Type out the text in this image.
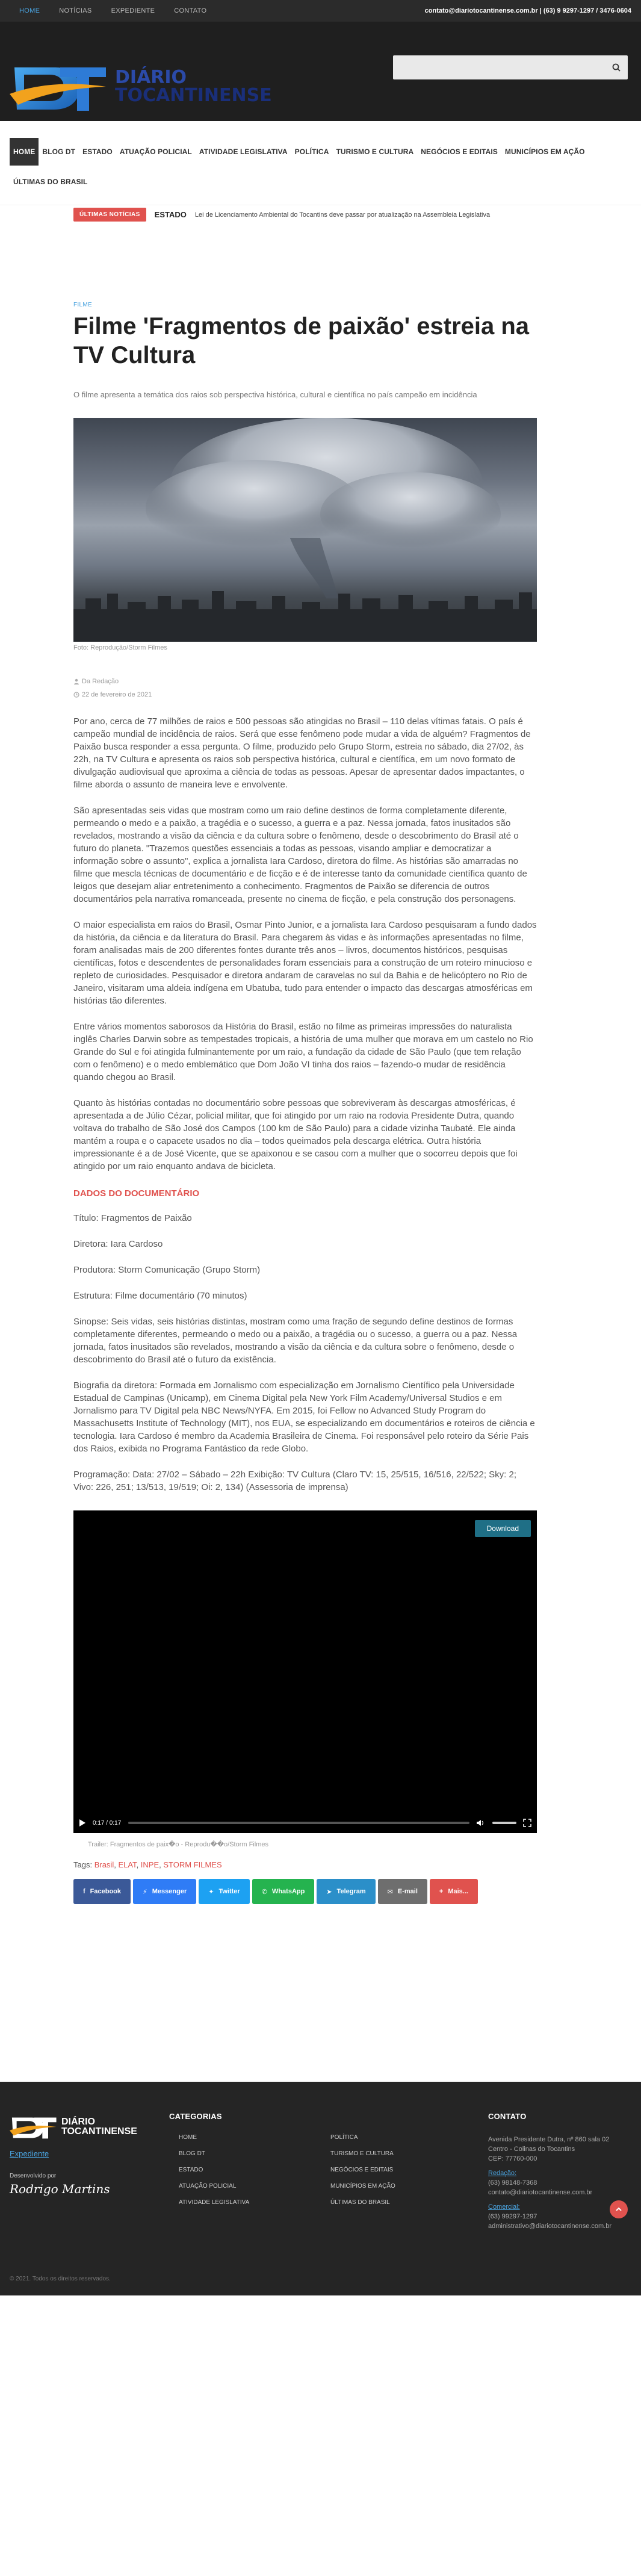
HOME	NOTÍCIAS	EXPEDIENTE	CONTATO	contato@diariotocantinense.com.br | (63) 9 9297-1297 / 3476-0604
DT
DIÁRIO
TOCANTINENSE
HOME	BLOG DT	ESTADO	ATUAÇÃO POLICIAL	ATIVIDADE LEGISLATIVA	POLÍTICA	TURISMO E CULTURA	NEGÓCIOS E EDITAIS	MUNICÍPIOS EM AÇÃO
ÚLTIMAS DO BRASIL
ÚLTIMAS NOTÍCIAS	ESTADO Lei de Licenciamento Ambiental do Tocantins deve passar por atualização na Assembleia Legislativa
FILME
Filme 'Fragmentos de paixão' estreia na TV Cultura
O filme apresenta a temática dos raios sob perspectiva histórica, cultural e científica no país campeão em incidência
Foto: Reprodução/Storm Filmes
Da Redação
22 de fevereiro de 2021

Por ano, cerca de 77 milhões de raios e 500 pessoas são atingidas no Brasil – 110 delas vítimas fatais. O país é campeão mundial de incidência de raios. Será que esse fenômeno pode mudar a vida de alguém? Fragmentos de Paixão busca responder a essa pergunta. O filme, produzido pelo Grupo Storm, estreia no sábado, dia 27/02, às 22h, na TV Cultura e apresenta os raios sob perspectiva histórica, cultural e científica, em um novo formato de divulgação audiovisual que aproxima a ciência de todas as pessoas. Apesar de apresentar dados impactantes, o filme aborda o assunto de maneira leve e envolvente.

São apresentadas seis vidas que mostram como um raio define destinos de forma completamente diferente, permeando o medo e a paixão, a tragédia e o sucesso, a guerra e a paz. Nessa jornada, fatos inusitados são revelados, mostrando a visão da ciência e da cultura sobre o fenômeno, desde o descobrimento do Brasil até o futuro do planeta. "Trazemos questões essenciais a todas as pessoas, visando ampliar e democratizar a informação sobre o assunto", explica a jornalista Iara Cardoso, diretora do filme. As histórias são amarradas no filme que mescla técnicas de documentário e de ficção e é de interesse tanto da comunidade científica quanto de leigos que desejam aliar entretenimento a conhecimento. Fragmentos de Paixão se diferencia de outros documentários pela narrativa romanceada, presente no cinema de ficção, e pela construção dos personagens.

O maior especialista em raios do Brasil, Osmar Pinto Junior, e a jornalista Iara Cardoso pesquisaram a fundo dados da história, da ciência e da literatura do Brasil. Para chegarem às vidas e às informações apresentadas no filme, foram analisadas mais de 200 diferentes fontes durante três anos – livros, documentos históricos, pesquisas científicas, fotos e descendentes de personalidades foram essenciais para a construção de um roteiro minucioso e repleto de curiosidades. Pesquisador e diretora andaram de caravelas no sul da Bahia e de helicóptero no Rio de Janeiro, visitaram uma aldeia indígena em Ubatuba, tudo para entender o impacto das descargas atmosféricas em histórias tão diferentes.

Entre vários momentos saborosos da História do Brasil, estão no filme as primeiras impressões do naturalista inglês Charles Darwin sobre as tempestades tropicais, a história de uma mulher que morava em um castelo no Rio Grande do Sul e foi atingida fulminantemente por um raio, a fundação da cidade de São Paulo (que tem relação com o fenômeno) e o medo emblemático que Dom João VI tinha dos raios – fazendo-o mudar de residência quando chegou ao Brasil.

Quanto às histórias contadas no documentário sobre pessoas que sobreviveram às descargas atmosféricas, é apresentada a de Júlio Cézar, policial militar, que foi atingido por um raio na rodovia Presidente Dutra, quando voltava do trabalho de São José dos Campos (100 km de São Paulo) para a cidade vizinha Taubaté. Ele ainda mantém a roupa e o capacete usados no dia – todos queimados pela descarga elétrica. Outra história impressionante é a de José Vicente, que se apaixonou e se casou com a mulher que o socorreu depois que foi atingido por um raio enquanto andava de bicicleta.

DADOS DO DOCUMENTÁRIO

Título: Fragmentos de Paixão

Diretora: Iara Cardoso

Produtora: Storm Comunicação (Grupo Storm)

Estrutura: Filme documentário (70 minutos)

Sinopse: Seis vidas, seis histórias distintas, mostram como uma fração de segundo define destinos de formas completamente diferentes, permeando o medo ou a paixão, a tragédia ou o sucesso, a guerra ou a paz. Nessa jornada, fatos inusitados são revelados, mostrando a visão da ciência e da cultura sobre o fenômeno, desde o descobrimento do Brasil até o futuro da existência.

Biografia da diretora: Formada em Jornalismo com especialização em Jornalismo Científico pela Universidade Estadual de Campinas (Unicamp), em Cinema Digital pela New York Film Academy/Universal Studios e em Jornalismo para TV Digital pela NBC News/NYFA. Em 2015, foi Fellow no Advanced Study Program do Massachusetts Institute of Technology (MIT), nos EUA, se especializando em documentários e roteiros de ciência e tecnologia. Iara Cardoso é membro da Academia Brasileira de Cinema. Foi responsável pelo roteiro da Série Pais dos Raios, exibida no Programa Fantástico da rede Globo.

Programação: Data: 27/02 – Sábado – 22h Exibição: TV Cultura (Claro TV: 15, 25/515, 16/516, 22/522; Sky: 2; Vivo: 226, 251; 13/513, 19/519; Oi: 2, 134) (Assessoria de imprensa)

Download
0:17 / 0:17
Trailer: Fragmentos de paix�o - Reprodu��o/Storm Filmes
Tags: Brasil, ELAT, INPE, STORM FILMES
f Facebook	⚡ Messenger	✦ Twitter	✆ WhatsApp	➤ Telegram	✉ E-mail	+ Mais...
DIÁRIO
TOCANTINENSE
Expediente
Desenvolvido por
Rodrigo Martins
CATEGORIAS
HOME	POLÍTICA
BLOG DT	TURISMO E CULTURA
ESTADO	NEGÓCIOS E EDITAIS
ATUAÇÃO POLICIAL	MUNICÍPIOS EM AÇÃO
ATIVIDADE LEGISLATIVA	ÚLTIMAS DO BRASIL
CONTATO
Avenida Presidente Dutra, nº 860 sala 02 Centro - Colinas do Tocantins
CEP: 77760-000
Redação:
(63) 98148-7368
contato@diariotocantinense.com.br
Comercial:
(63) 99297-1297
administrativo@diariotocantinense.com.br
© 2021. Todos os direitos reservados.
